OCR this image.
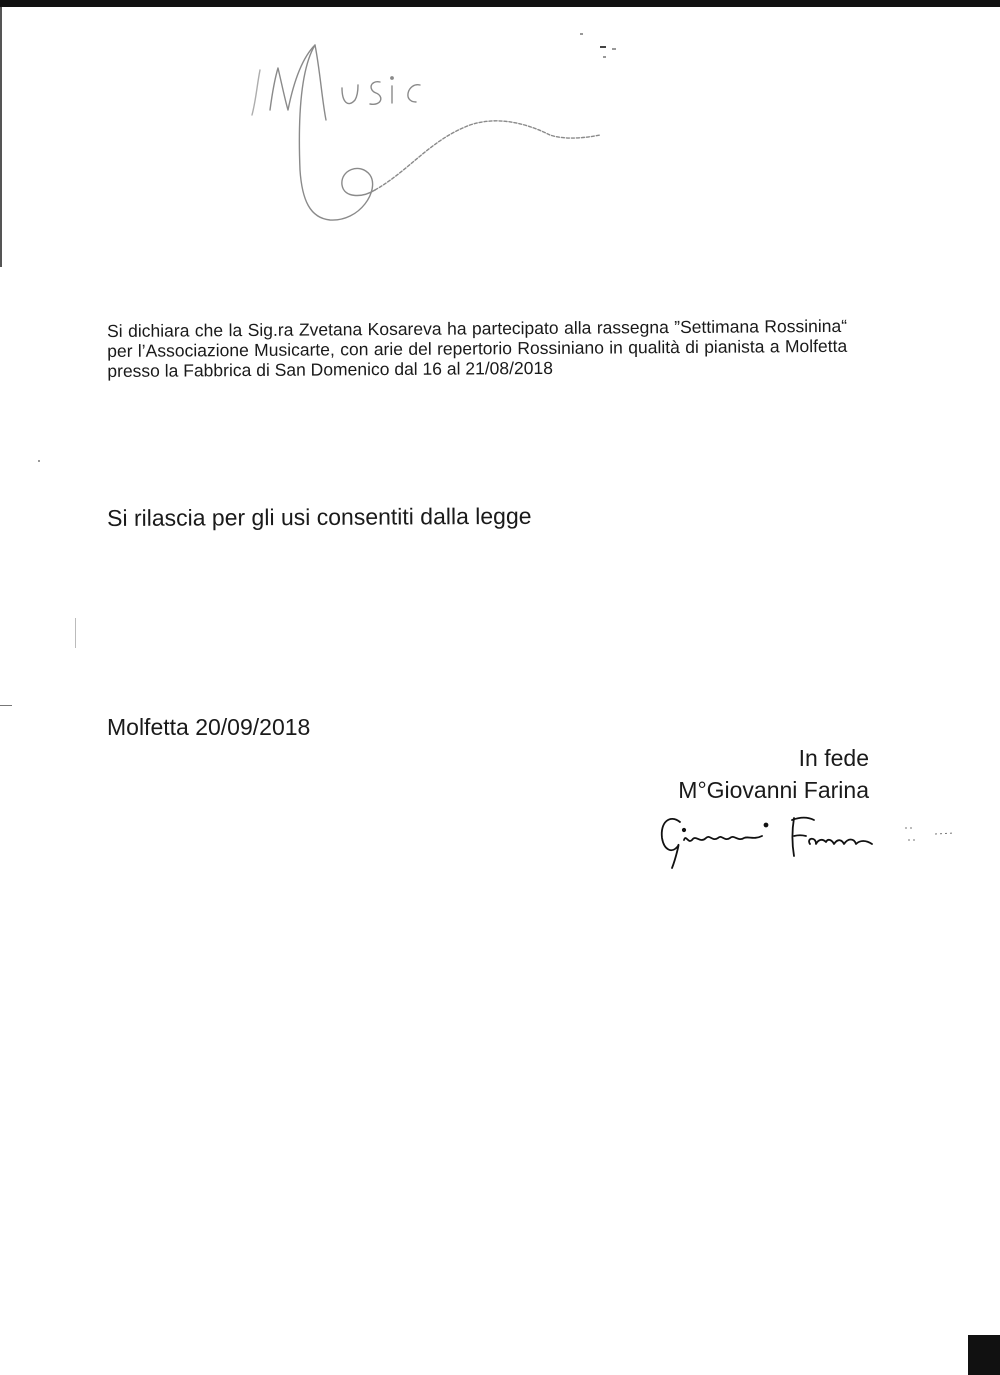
Music

Si dichiara che la Sig.ra Zvetana Kosareva ha partecipato alla rassegna ”Settimana Rossinina“ per l’Associazione Musicarte, con arie del repertorio Rossiniano in qualità di pianista a Molfetta presso la Fabbrica di San Domenico dal 16 al 21/08/2018

Si rilascia per gli usi consentiti dalla legge
Molfetta 20/09/2018
In fede
M°Giovanni Farina
Giovanni Farina
